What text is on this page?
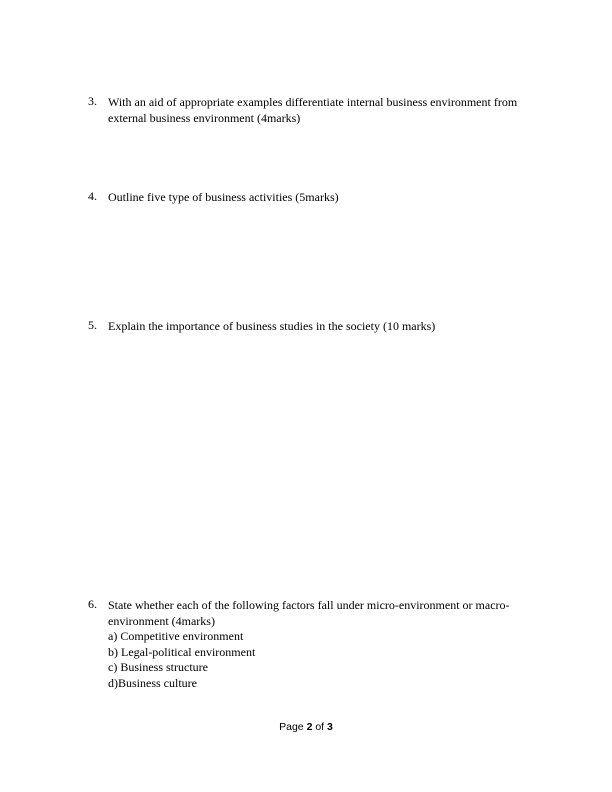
3. With an aid of appropriate examples differentiate internal business environment from external business environment (4marks)
4. Outline five type of business activities (5marks)
5. Explain the importance of business studies in the society (10 marks)
6. State whether each of the following factors fall under micro-environment or macro-environment (4marks)
a) Competitive environment
b) Legal-political environment
c) Business structure
d)Business culture
Page 2 of 3
